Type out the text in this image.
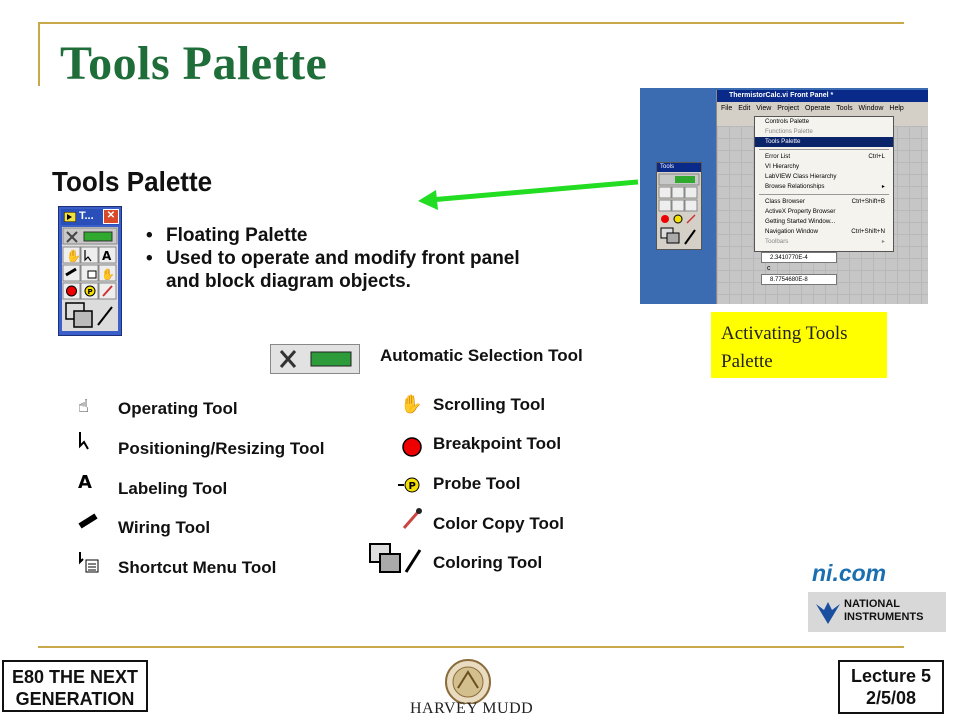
Tools Palette
Tools Palette
T...	✕
✋ A
✋
P
• Floating Palette
• Used to operate and modify front panel and block diagram objects.
Automatic Selection Tool
☝ Operating Tool
Positioning/Resizing Tool
A Labeling Tool
Wiring Tool
Shortcut Menu Tool
✋ Scrolling Tool
Breakpoint Tool
P Probe Tool
Color Copy Tool
Coloring Tool
ThermistorCalc.vi Front Panel *
File Edit View Project Operate Tools Window Help
2.3410770E-4
c
8.7754680E-8
Controls Palette
Functions Palette
Tools Palette
Error List	Ctrl+L
VI Hierarchy
LabVIEW Class Hierarchy
Browse Relationships	▸
Class Browser	Ctrl+Shift+B
ActiveX Property Browser
Getting Started Window...
Navigation Window	Ctrl+Shift+N
Toolbars	▸
Tools
Activating Tools Palette
ni.com
NATIONAL
INSTRUMENTS
E80 THE NEXT GENERATION	HARVEY MUDD
Lecture 5
2/5/08
